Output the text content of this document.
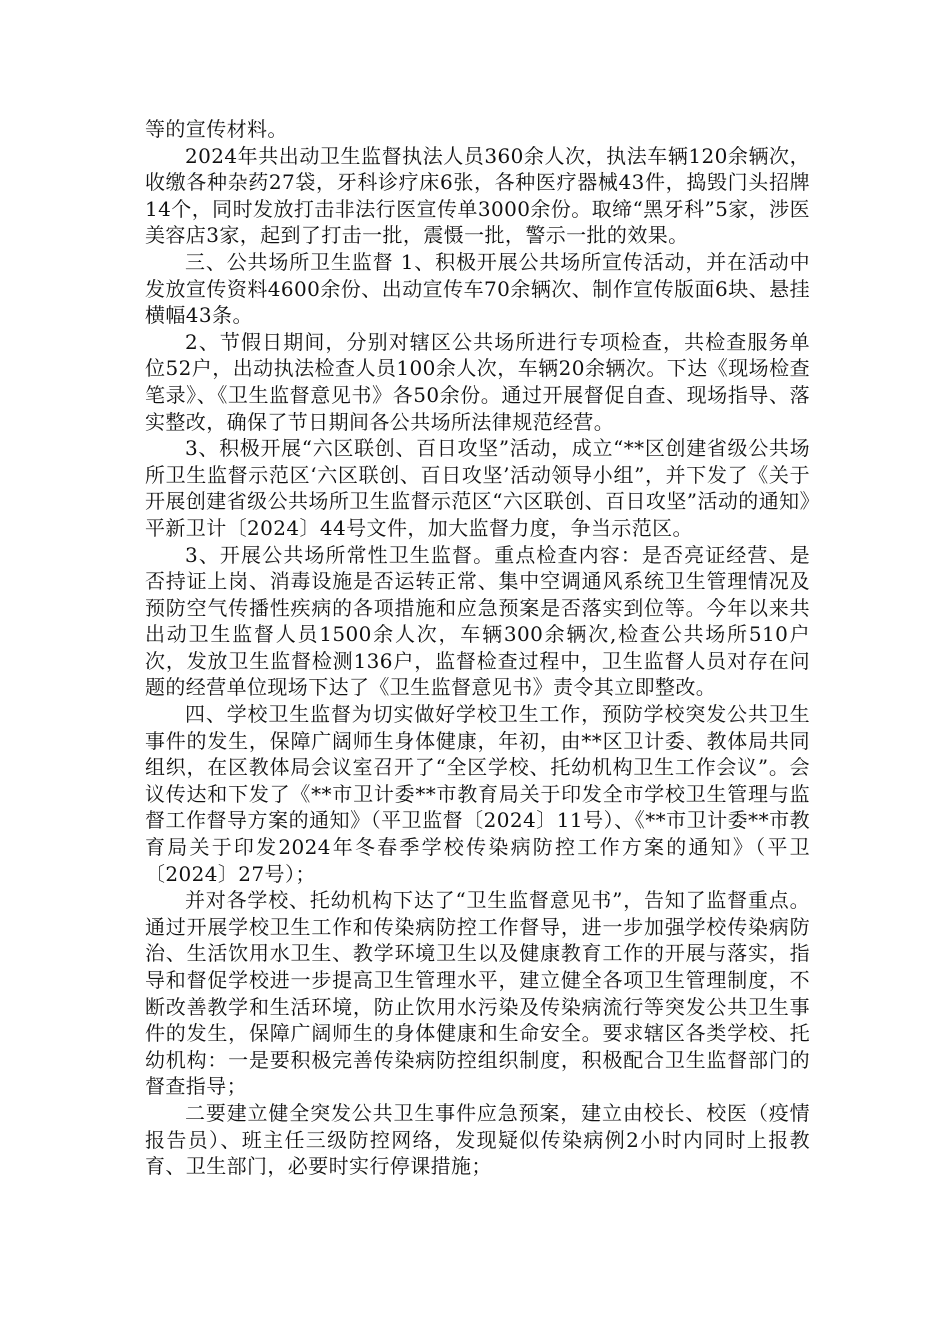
等的宣传材料。

2024年共出动卫生监督执法人员360余人次，执法车辆120余辆次，收缴各种杂药27袋，牙科诊疗床6张，各种医疗器械43件，捣毁门头招牌14个，同时发放打击非法行医宣传单3000余份。取缔“黑牙科”5家，涉医美容店3家，起到了打击一批，震慑一批，警示一批的效果。

三、公共场所卫生监督 1、积极开展公共场所宣传活动，并在活动中发放宣传资料4600余份、出动宣传车70余辆次、制作宣传版面6块、悬挂横幅43条。

2、节假日期间，分别对辖区公共场所进行专项检查，共检查服务单位52户，出动执法检查人员100余人次，车辆20余辆次。下达《现场检查笔录》、《卫生监督意见书》各50余份。通过开展督促自查、现场指导、落实整改，确保了节日期间各公共场所法律规范经营。

3、积极开展“六区联创、百日攻坚”活动，成立“**区创建省级公共场所卫生监督示范区‘六区联创、百日攻坚’活动领导小组”，并下发了《关于开展创建省级公共场所卫生监督示范区“六区联创、百日攻坚”活动的通知》平新卫计〔2024〕44号文件，加大监督力度，争当示范区。

3、开展公共场所常性卫生监督。重点检查内容：是否亮证经营、是否持证上岗、消毒设施是否运转正常、集中空调通风系统卫生管理情况及预防空气传播性疾病的各项措施和应急预案是否落实到位等。今年以来共出动卫生监督人员1500余人次，车辆300余辆次,检查公共场所510户次，发放卫生监督检测136户，监督检查过程中，卫生监督人员对存在问题的经营单位现场下达了《卫生监督意见书》责令其立即整改。

四、学校卫生监督为切实做好学校卫生工作，预防学校突发公共卫生事件的发生，保障广阔师生身体健康，年初，由**区卫计委、教体局共同组织，在区教体局会议室召开了“全区学校、托幼机构卫生工作会议”。会议传达和下发了《**市卫计委**市教育局关于印发全市学校卫生管理与监督工作督导方案的通知》（平卫监督〔2024〕11号）、《**市卫计委**市教育局关于印发2024年冬春季学校传染病防控工作方案的通知》（平卫〔2024〕27号）；

并对各学校、托幼机构下达了“卫生监督意见书”，告知了监督重点。通过开展学校卫生工作和传染病防控工作督导，进一步加强学校传染病防治、生活饮用水卫生、教学环境卫生以及健康教育工作的开展与落实，指导和督促学校进一步提高卫生管理水平，建立健全各项卫生管理制度，不断改善教学和生活环境，防止饮用水污染及传染病流行等突发公共卫生事件的发生，保障广阔师生的身体健康和生命安全。要求辖区各类学校、托幼机构：一是要积极完善传染病防控组织制度，积极配合卫生监督部门的督查指导；

二要建立健全突发公共卫生事件应急预案，建立由校长、校医（疫情报告员）、班主任三级防控网络，发现疑似传染病例2小时内同时上报教育、卫生部门，必要时实行停课措施；
